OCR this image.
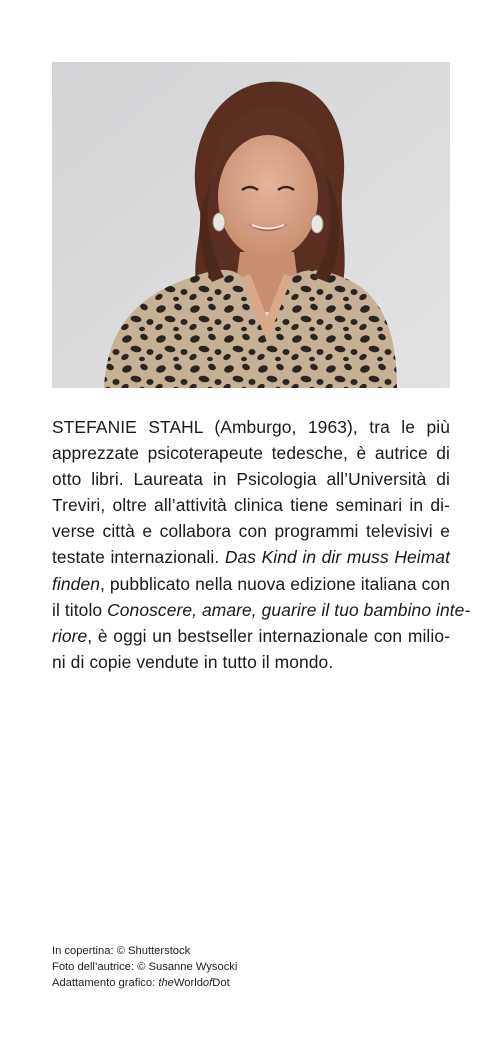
STEFANIE STAHL (Amburgo, 1963), tra le più
apprezzate psicoterapeute tedesche, è autrice di
otto libri. Laureata in Psicologia all’Università di
Treviri, oltre all’attività clinica tiene seminari in di-
verse città e collabora con programmi televisivi e
testate internazionali. Das Kind in dir muss Heimat
finden, pubblicato nella nuova edizione italiana con
il titolo Conoscere, amare, guarire il tuo bambino inte-
riore, è oggi un bestseller internazionale con milio-
ni di copie vendute in tutto il mondo.
In copertina: © Shutterstock
Foto dell’autrice: © Susanne Wysocki
Adattamento grafico: theWorldofDot
